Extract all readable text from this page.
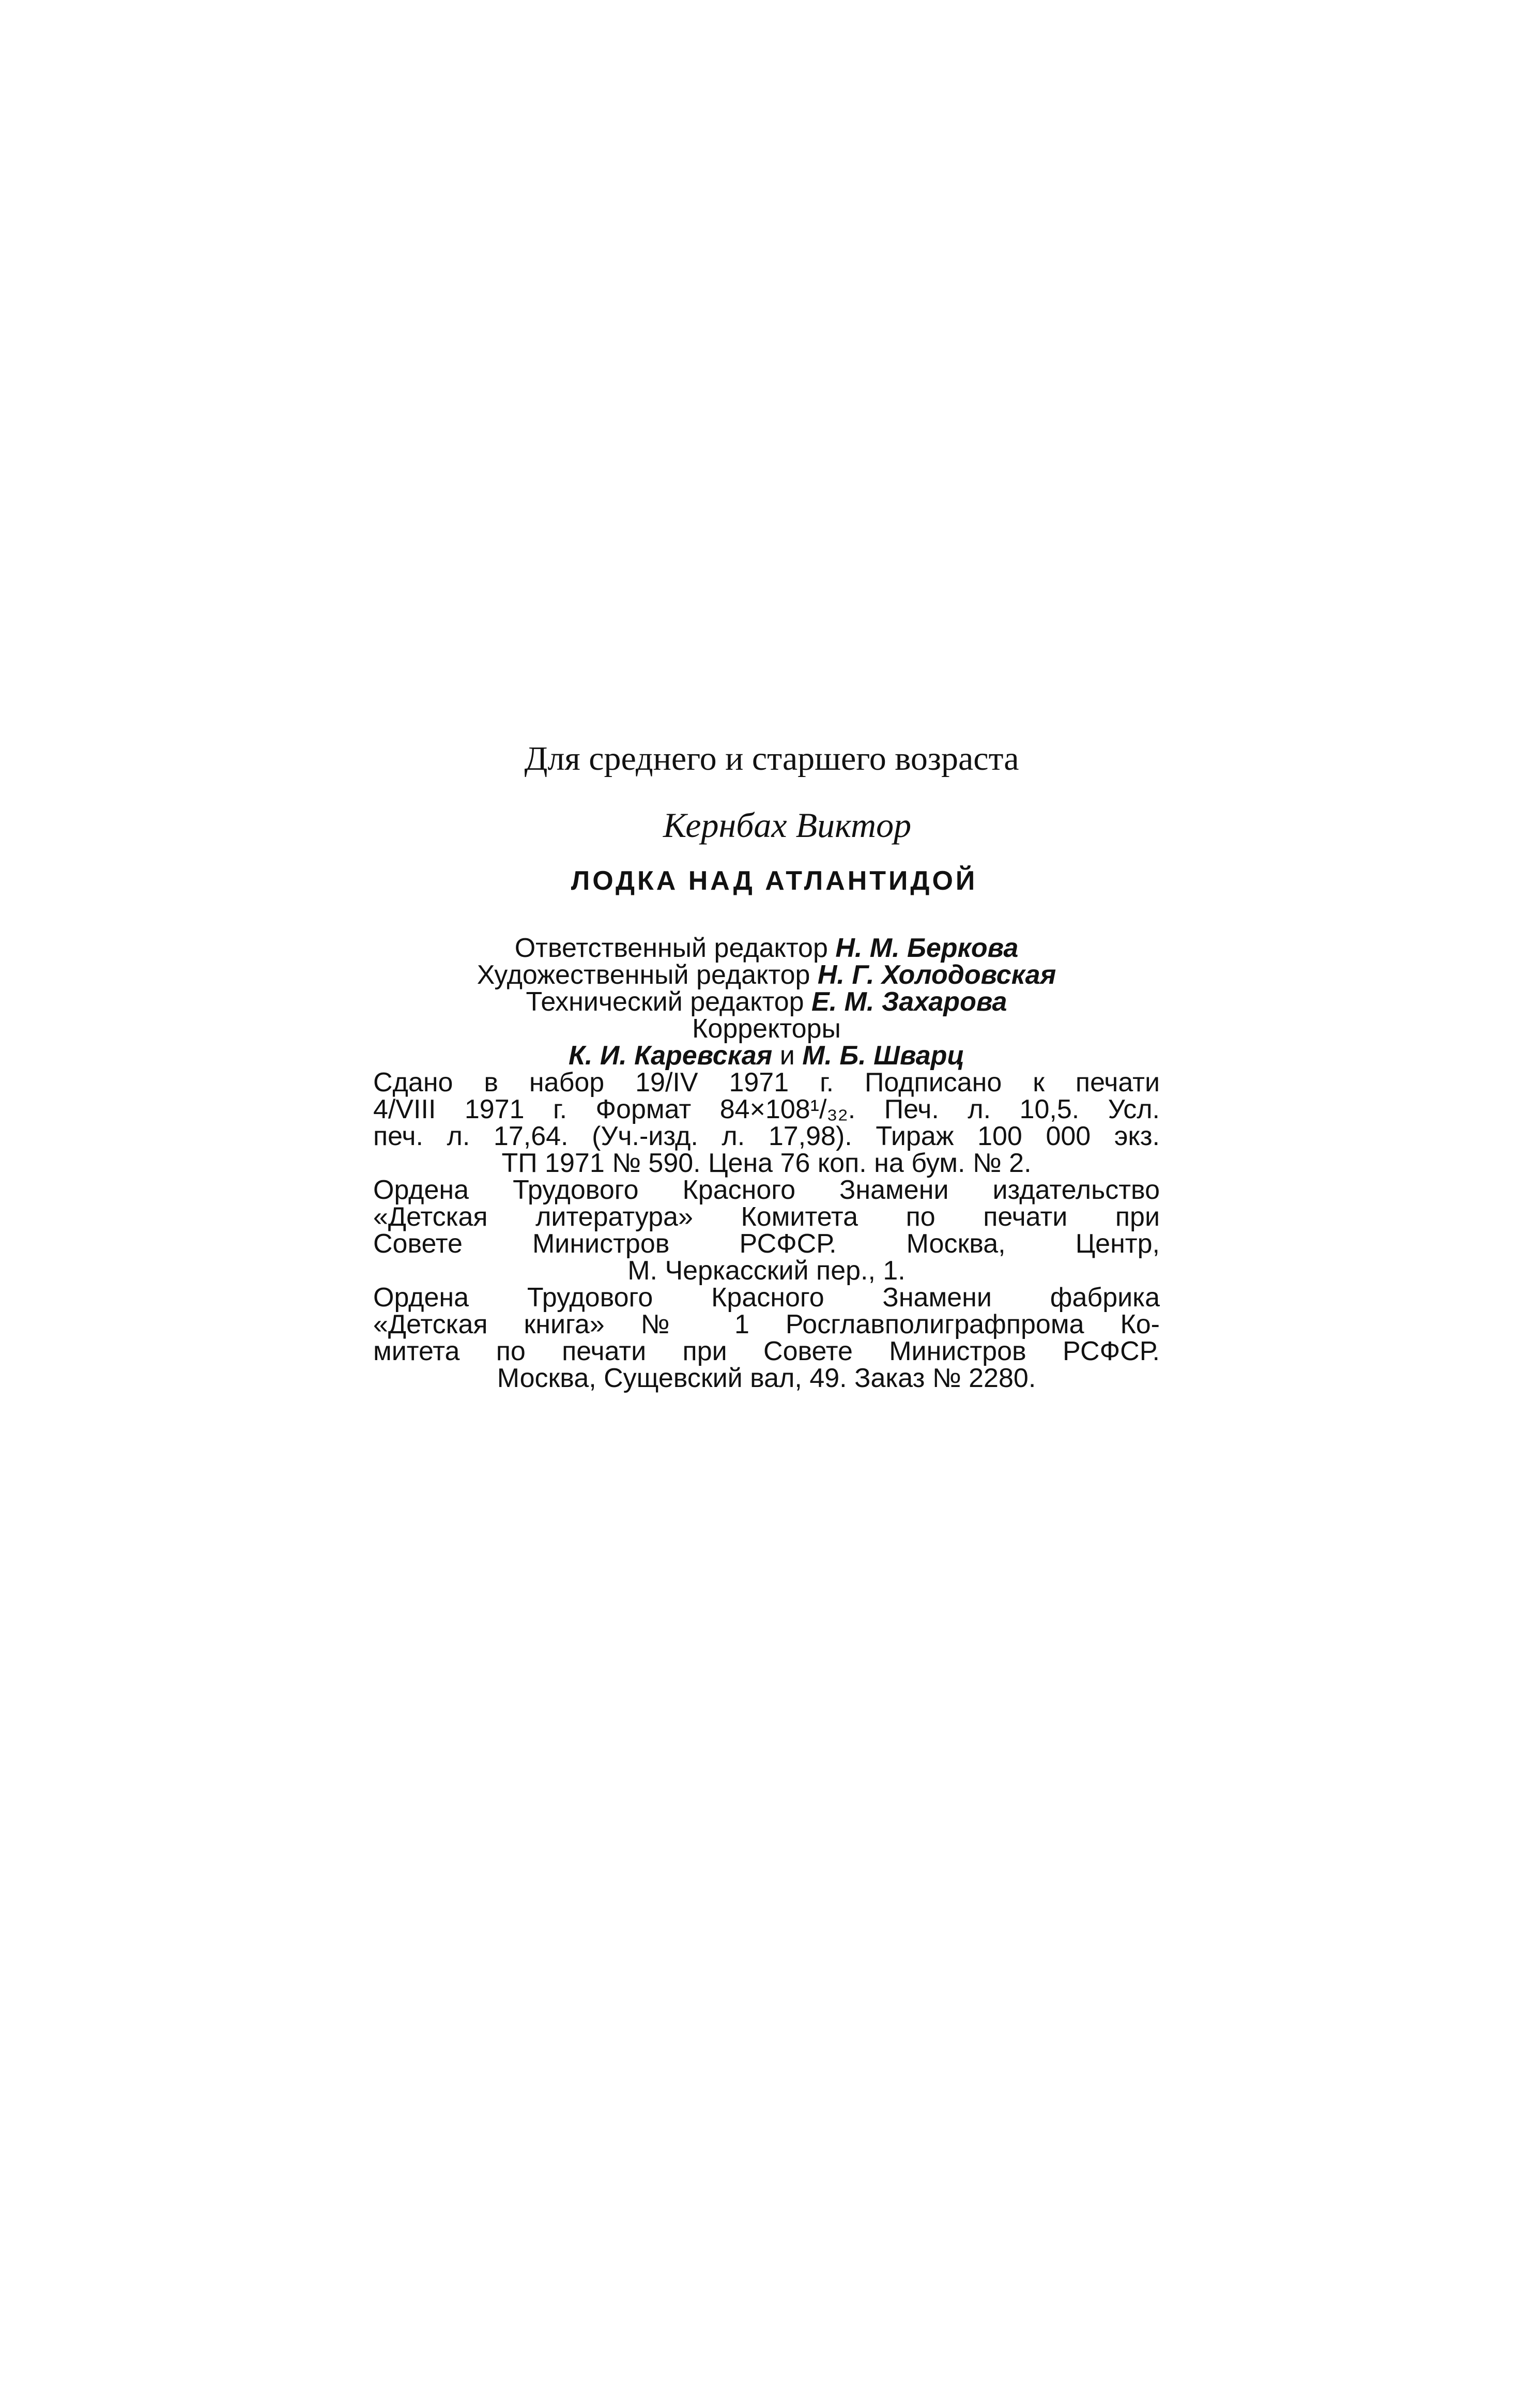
Для среднего и старшего возраста

Кернбах Виктор

ЛОДКА НАД АТЛАНТИДОЙ

Ответственный редактор Н. М. Беркова
Художественный редактор Н. Г. Холодовская
Технический редактор Е. М. Захарова
Корректоры
К. И. Каревская и М. Б. Шварц
Сдано в набор 19/IV 1971 г. Подписано к печати
4/VIII 1971 г. Формат 84×108¹/₃₂. Печ. л. 10,5. Усл.
печ. л. 17,64. (Уч.-изд. л. 17,98). Тираж 100 000 экз.
ТП 1971 № 590. Цена 76 коп. на бум. № 2.
Ордена Трудового Красного Знамени издательство
«Детская литература» Комитета по печати при
Совете Министров РСФСР. Москва, Центр,
М. Черкасский пер., 1.
Ордена Трудового Красного Знамени фабрика
«Детская книга» № 1 Росглавполиграфпрома Ко-
митета по печати при Совете Министров РСФСР.
Москва, Сущевский вал, 49. Заказ № 2280.
